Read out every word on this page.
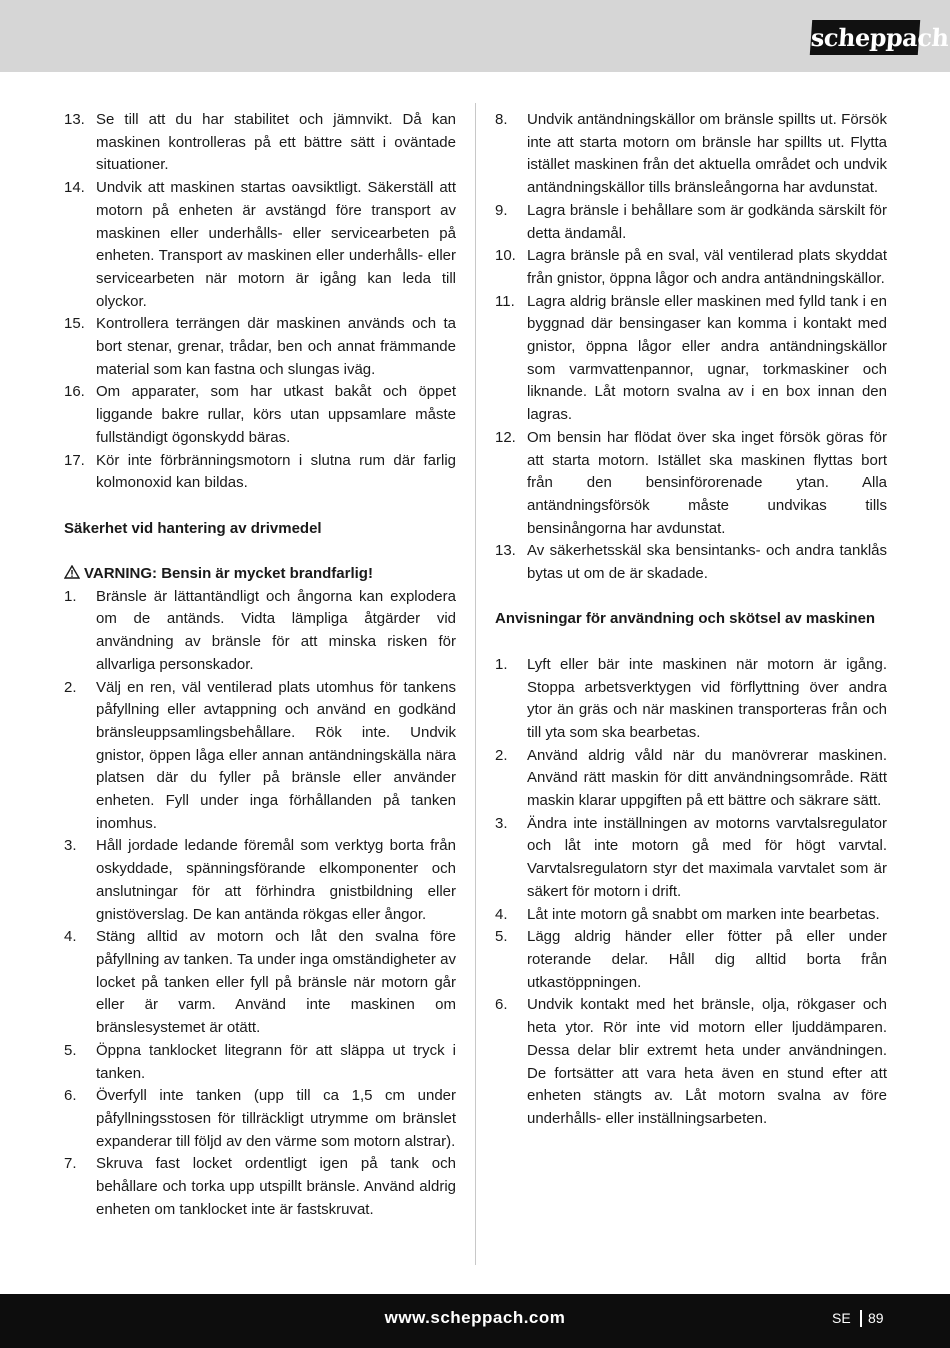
scheppach
13. Se till att du har stabilitet och jämnvikt. Då kan maskinen kontrolleras på ett bättre sätt i oväntade situationer.
14. Undvik att maskinen startas oavsiktligt. Säkerställ att motorn på enheten är avstängd före transport av maskinen eller underhålls- eller servicearbeten på enheten. Transport av maskinen eller underhålls- eller servicearbeten när motorn är igång kan leda till olyckor.
15. Kontrollera terrängen där maskinen används och ta bort stenar, grenar, trådar, ben och annat främmande material som kan fastna och slungas iväg.
16. Om apparater, som har utkast bakåt och öppet liggande bakre rullar, körs utan uppsamlare måste fullständigt ögonskydd bäras.
17. Kör inte förbränningsmotorn i slutna rum där farlig kolmonoxid kan bildas.

Säkerhet vid hantering av drivmedel

VARNING: Bensin är mycket brandfarlig!

1. Bränsle är lättantändligt och ångorna kan explodera om de antänds. Vidta lämpliga åtgärder vid användning av bränsle för att minska risken för allvarliga personskador.
2. Välj en ren, väl ventilerad plats utomhus för tankens påfyllning eller avtappning och använd en godkänd bränsleuppsamlingsbehållare. Rök inte. Undvik gnistor, öppen låga eller annan antändningskälla nära platsen där du fyller på bränsle eller använder enheten. Fyll under inga förhållanden på tanken inomhus.
3. Håll jordade ledande föremål som verktyg borta från oskyddade, spänningsförande elkomponenter och anslutningar för att förhindra gnistbildning eller gnistöverslag. De kan antända rökgas eller ångor.
4. Stäng alltid av motorn och låt den svalna före påfyllning av tanken. Ta under inga omständigheter av locket på tanken eller fyll på bränsle när motorn går eller är varm. Använd inte maskinen om bränslesystemet är otätt.
5. Öppna tanklocket litegrann för att släppa ut tryck i tanken.
6. Överfyll inte tanken (upp till ca 1,5 cm under påfyllningsstosen för tillräckligt utrymme om bränslet expanderar till följd av den värme som motorn alstrar).
7. Skruva fast locket ordentligt igen på tank och behållare och torka upp utspillt bränsle. Använd aldrig enheten om tanklocket inte är fastskruvat.
8. Undvik antändningskällor om bränsle spillts ut. Försök inte att starta motorn om bränsle har spillts ut. Flytta istället maskinen från det aktuella området och undvik antändningskällor tills bränsleångorna har avdunstat.
9. Lagra bränsle i behållare som är godkända särskilt för detta ändamål.
10. Lagra bränsle på en sval, väl ventilerad plats skyddat från gnistor, öppna lågor och andra antändningskällor.
11. Lagra aldrig bränsle eller maskinen med fylld tank i en byggnad där bensingaser kan komma i kontakt med gnistor, öppna lågor eller andra antändningskällor som varmvattenpannor, ugnar, torkmaskiner och liknande. Låt motorn svalna av i en box innan den lagras.
12. Om bensin har flödat över ska inget försök göras för att starta motorn. Istället ska maskinen flyttas bort från den bensinförorenade ytan. Alla antändningsförsök måste undvikas tills bensinångorna har avdunstat.
13. Av säkerhetsskäl ska bensintanks- och andra tanklås bytas ut om de är skadade.

Anvisningar för användning och skötsel av maskinen

1. Lyft eller bär inte maskinen när motorn är igång. Stoppa arbetsverktygen vid förflyttning över andra ytor än gräs och när maskinen transporteras från och till yta som ska bearbetas.
2. Använd aldrig våld när du manövrerar maskinen. Använd rätt maskin för ditt användningsområde. Rätt maskin klarar uppgiften på ett bättre och säkrare sätt.
3. Ändra inte inställningen av motorns varvtalsregulator och låt inte motorn gå med för högt varvtal. Varvtalsregulatorn styr det maximala varvtalet som är säkert för motorn i drift.
4. Låt inte motorn gå snabbt om marken inte bearbetas.
5. Lägg aldrig händer eller fötter på eller under roterande delar. Håll dig alltid borta från utkastöppningen.
6. Undvik kontakt med het bränsle, olja, rökgaser och heta ytor. Rör inte vid motorn eller ljuddämparen. Dessa delar blir extremt heta under användningen. De fortsätter att vara heta även en stund efter att enheten stängts av. Låt motorn svalna av före underhålls- eller inställningsarbeten.
www.scheppach.com	SE 89
